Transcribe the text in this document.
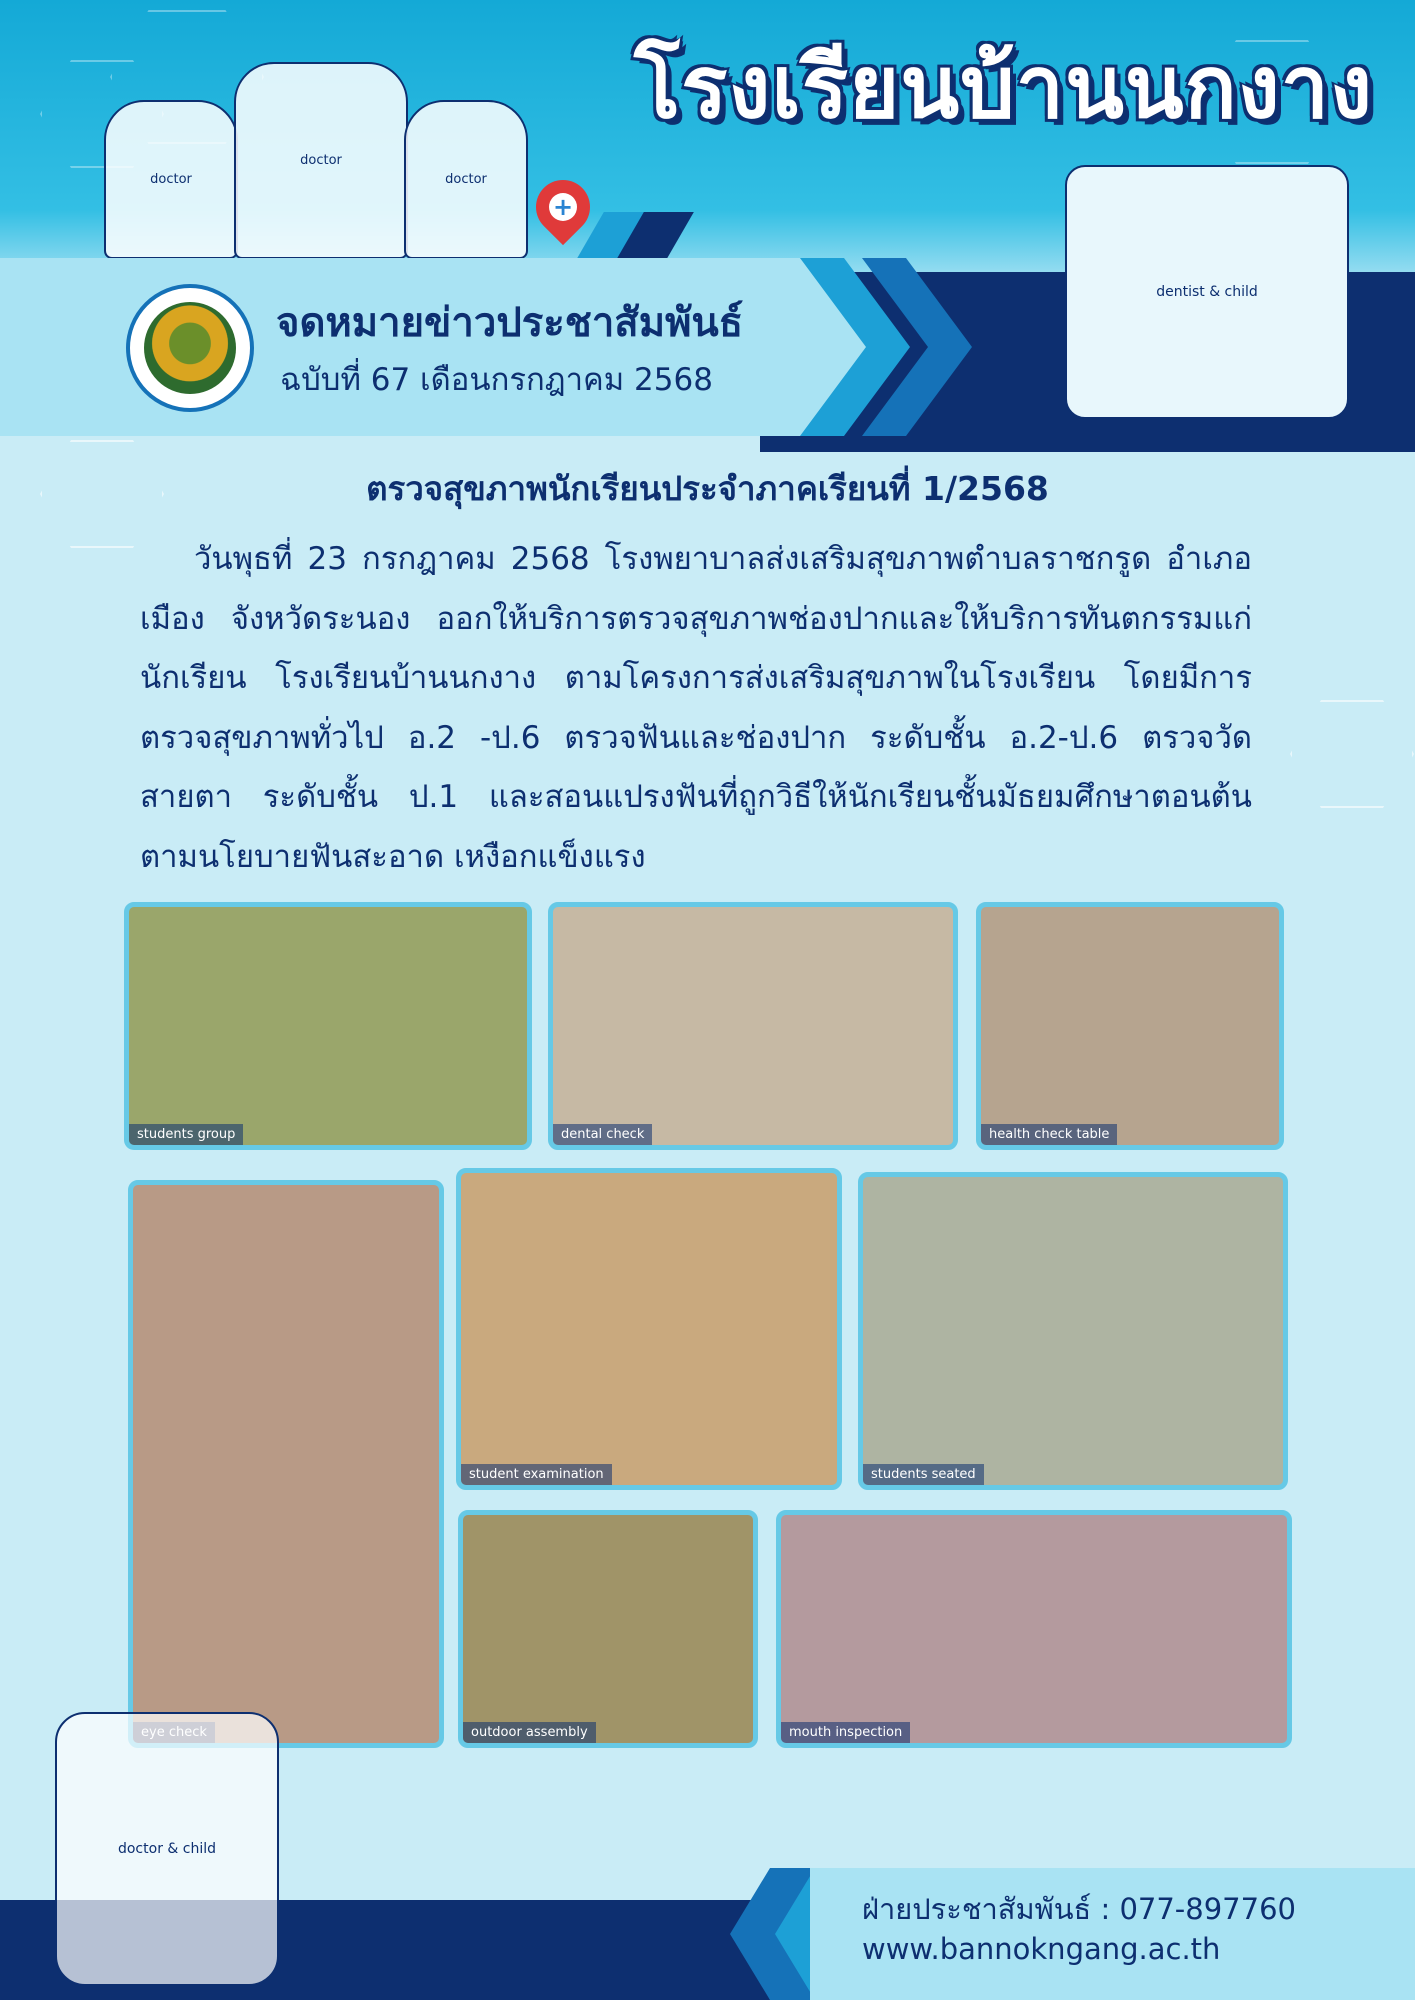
โรงเรียนบ้านนกงาง
doctor
doctor
doctor
+
จดหมายข่าวประชาสัมพันธ์
ฉบับที่ 67 เดือนกรกฎาคม 2568
dentist & child
ตรวจสุขภาพนักเรียนประจำภาคเรียนที่ 1/2568
วันพุธที่ 23 กรกฎาคม 2568 โรงพยาบาลส่งเสริมสุขภาพตำบลราชกรูด อำเภอเมือง จังหวัดระนอง ออกให้บริการตรวจสุขภาพช่องปากและให้บริการทันตกรรมแก่นักเรียน โรงเรียนบ้านนกงาง ตามโครงการส่งเสริมสุขภาพในโรงเรียน โดยมีการตรวจสุขภาพทั่วไป อ.2 -ป.6 ตรวจฟันและช่องปาก ระดับชั้น อ.2-ป.6 ตรวจวัดสายตา ระดับชั้น ป.1 และสอนแปรงฟันที่ถูกวิธีให้นักเรียนชั้นมัธยมศึกษาตอนต้น ตามนโยบายฟันสะอาด เหงือกแข็งแรง
students group	dental check	health check table
student examination	students seated
outdoor assembly	mouth inspection
ฝ่ายประชาสัมพันธ์ : 077-897760
www.bannokngang.ac.th
doctor & child
